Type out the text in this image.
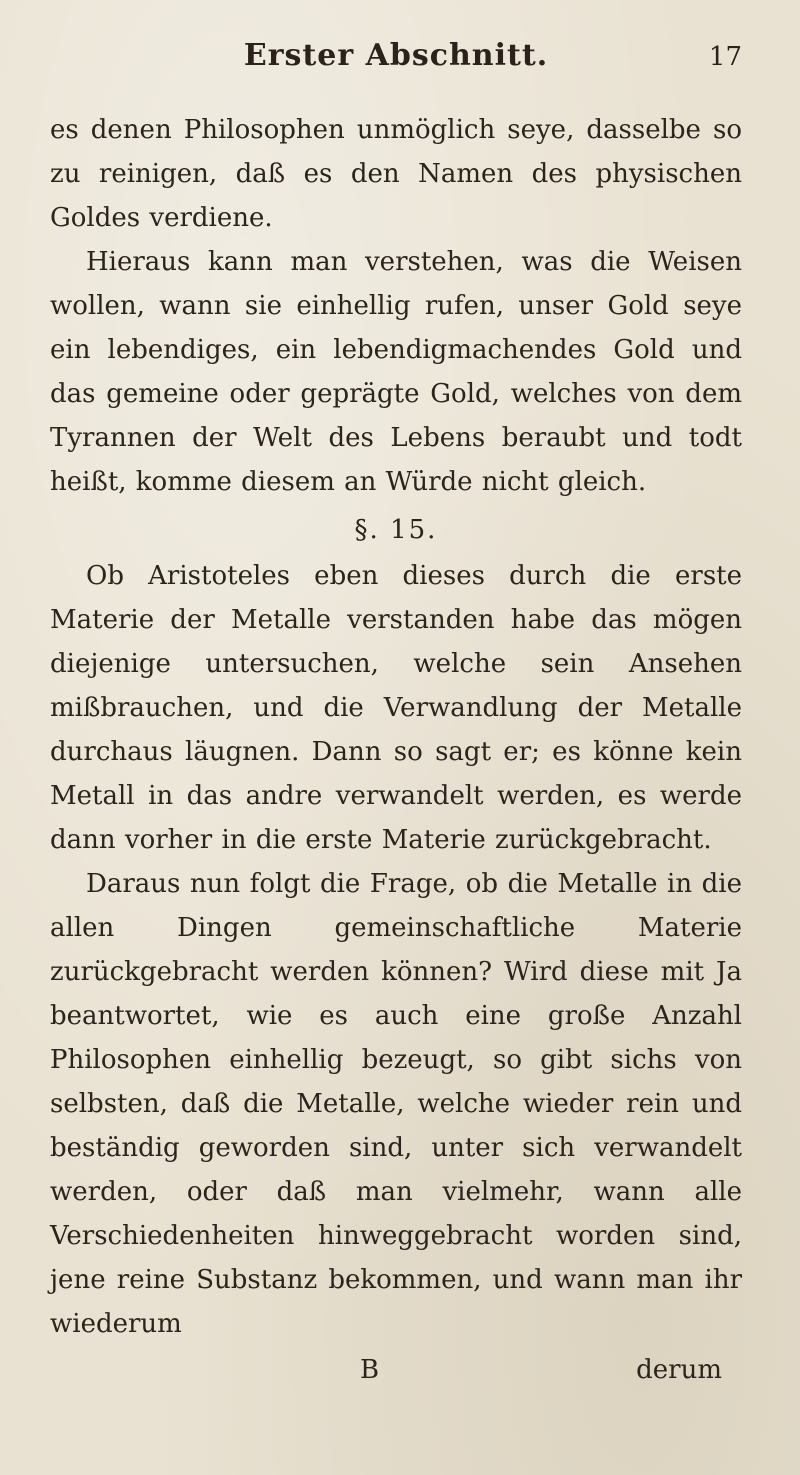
Erster Abschnitt.	17

es denen Philosophen unmöglich seye, dasselbe so zu reinigen, daß es den Namen des physischen Goldes verdiene.

Hieraus kann man verstehen, was die Weisen wollen, wann sie einhellig rufen, unser Gold seye ein lebendiges, ein lebendigmachendes Gold und das gemeine oder geprägte Gold, welches von dem Tyrannen der Welt des Lebens beraubt und todt heißt, komme diesem an Würde nicht gleich.

§. 15.

Ob Aristoteles eben dieses durch die erste Materie der Metalle verstanden habe das mögen diejenige untersuchen, welche sein Ansehen mißbrauchen, und die Verwandlung der Metalle durchaus läugnen. Dann so sagt er; es könne kein Metall in das andre verwandelt werden, es werde dann vorher in die erste Materie zurückgebracht.

Daraus nun folgt die Frage, ob die Metalle in die allen Dingen gemeinschaftliche Materie zurückgebracht werden können? Wird diese mit Ja beantwortet, wie es auch eine große Anzahl Philosophen einhellig bezeugt, so gibt sichs von selbsten, daß die Metalle, welche wieder rein und beständig geworden sind, unter sich verwandelt werden, oder daß man vielmehr, wann alle Verschiedenheiten hinweggebracht worden sind, jene reine Substanz bekommen, und wann man ihr wiederum

B	derum
